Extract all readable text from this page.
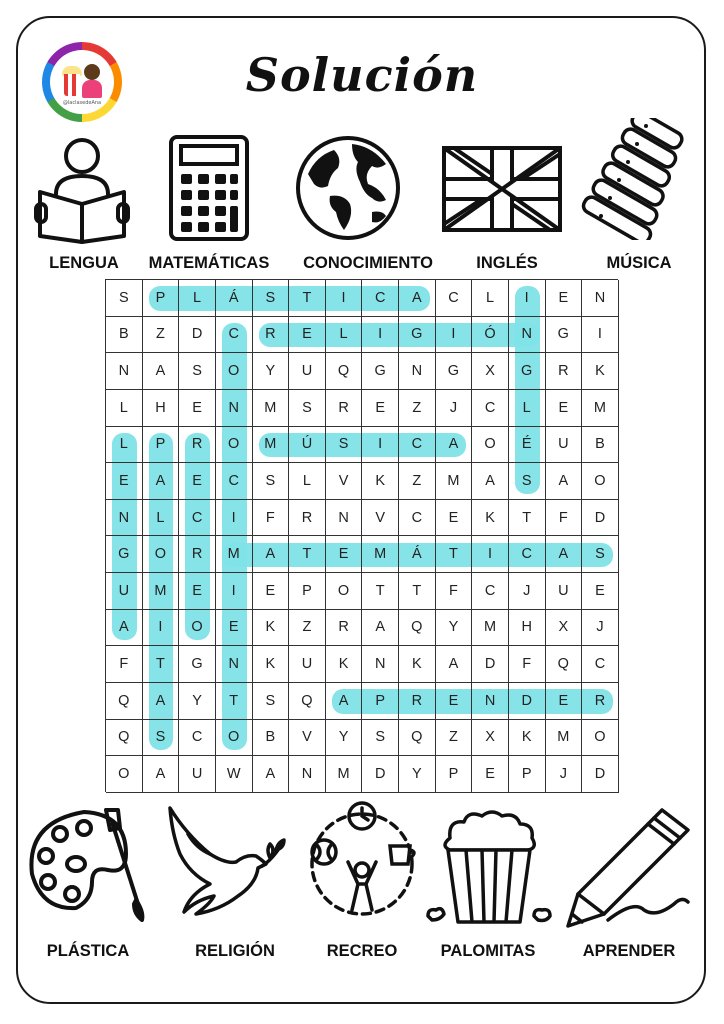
@laclasedeAna
Solución
LENGUA MATEMÁTICAS CONOCIMIENTO	INGLÉS	MÚSICA
S	P	L	Á	S	T	I	C	A	C	L	I	E	N
B	Z	D	C	R	E	L	I	G	I	Ó	N	G	I
N	A	S	O	Y	U	Q	G	N	G	X	G	R	K
L	H	E	N	M	S	R	E	Z	J	C	L	E	M
L	P	R	O	M	Ú	S	I	C	A	O	É	U	B
E	A	E	C	S	L	V	K	Z	M	A	S	A	O
N	L	C	I	F	R	N	V	C	E	K	T	F	D
G	O	R	M	A	T	E	M	Á	T	I	C	A	S
U	M	E	I	E	P	O	T	T	F	C	J	U	E
A	I	O	E	K	Z	R	A	Q	Y	M	H	X	J
F	T	G	N	K	U	K	N	K	A	D	F	Q	C
Q	A	Y	T	S	Q	A	P	R	E	N	D	E	R
Q	S	C	O	B	V	Y	S	Q	Z	X	K	M	O
O	A	U	W	A	N	M	D	Y	P	E	P	J	D
PLÁSTICA	RELIGIÓN	RECREO	PALOMITAS	APRENDER
